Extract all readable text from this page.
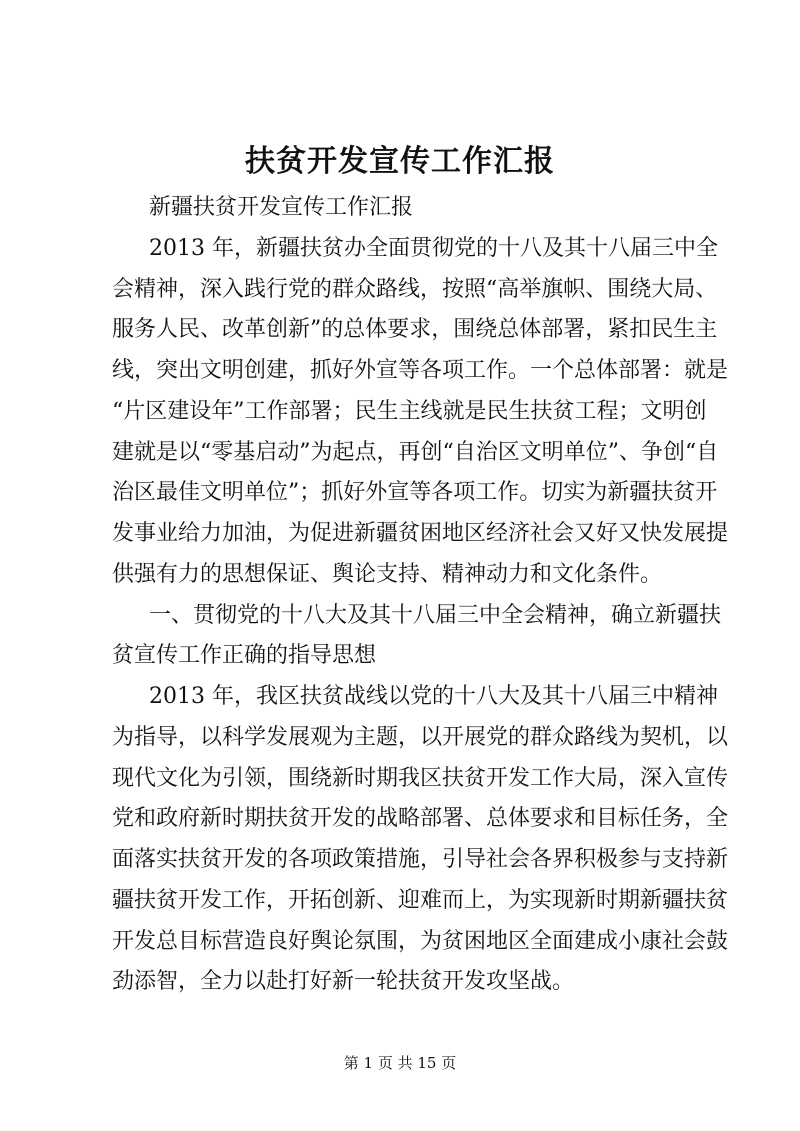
扶贫开发宣传工作汇报
新疆扶贫开发宣传工作汇报
2013 年，新疆扶贫办全面贯彻党的十八及其十八届三中全
会精神，深入践行党的群众路线，按照“高举旗帜、围绕大局、
服务人民、改革创新”的总体要求，围绕总体部署，紧扣民生主
线，突出文明创建，抓好外宣等各项工作。一个总体部署：就是
“片区建设年”工作部署；民生主线就是民生扶贫工程；文明创
建就是以“零基启动”为起点，再创“自治区文明单位”、争创“自
治区最佳文明单位”；抓好外宣等各项工作。切实为新疆扶贫开
发事业给力加油，为促进新疆贫困地区经济社会又好又快发展提
供强有力的思想保证、舆论支持、精神动力和文化条件。
一、贯彻党的十八大及其十八届三中全会精神，确立新疆扶
贫宣传工作正确的指导思想
2013 年，我区扶贫战线以党的十八大及其十八届三中精神
为指导，以科学发展观为主题，以开展党的群众路线为契机，以
现代文化为引领，围绕新时期我区扶贫开发工作大局，深入宣传
党和政府新时期扶贫开发的战略部署、总体要求和目标任务，全
面落实扶贫开发的各项政策措施，引导社会各界积极参与支持新
疆扶贫开发工作，开拓创新、迎难而上，为实现新时期新疆扶贫
开发总目标营造良好舆论氛围，为贫困地区全面建成小康社会鼓
劲添智，全力以赴打好新一轮扶贫开发攻坚战。
第 1 页 共 15 页
